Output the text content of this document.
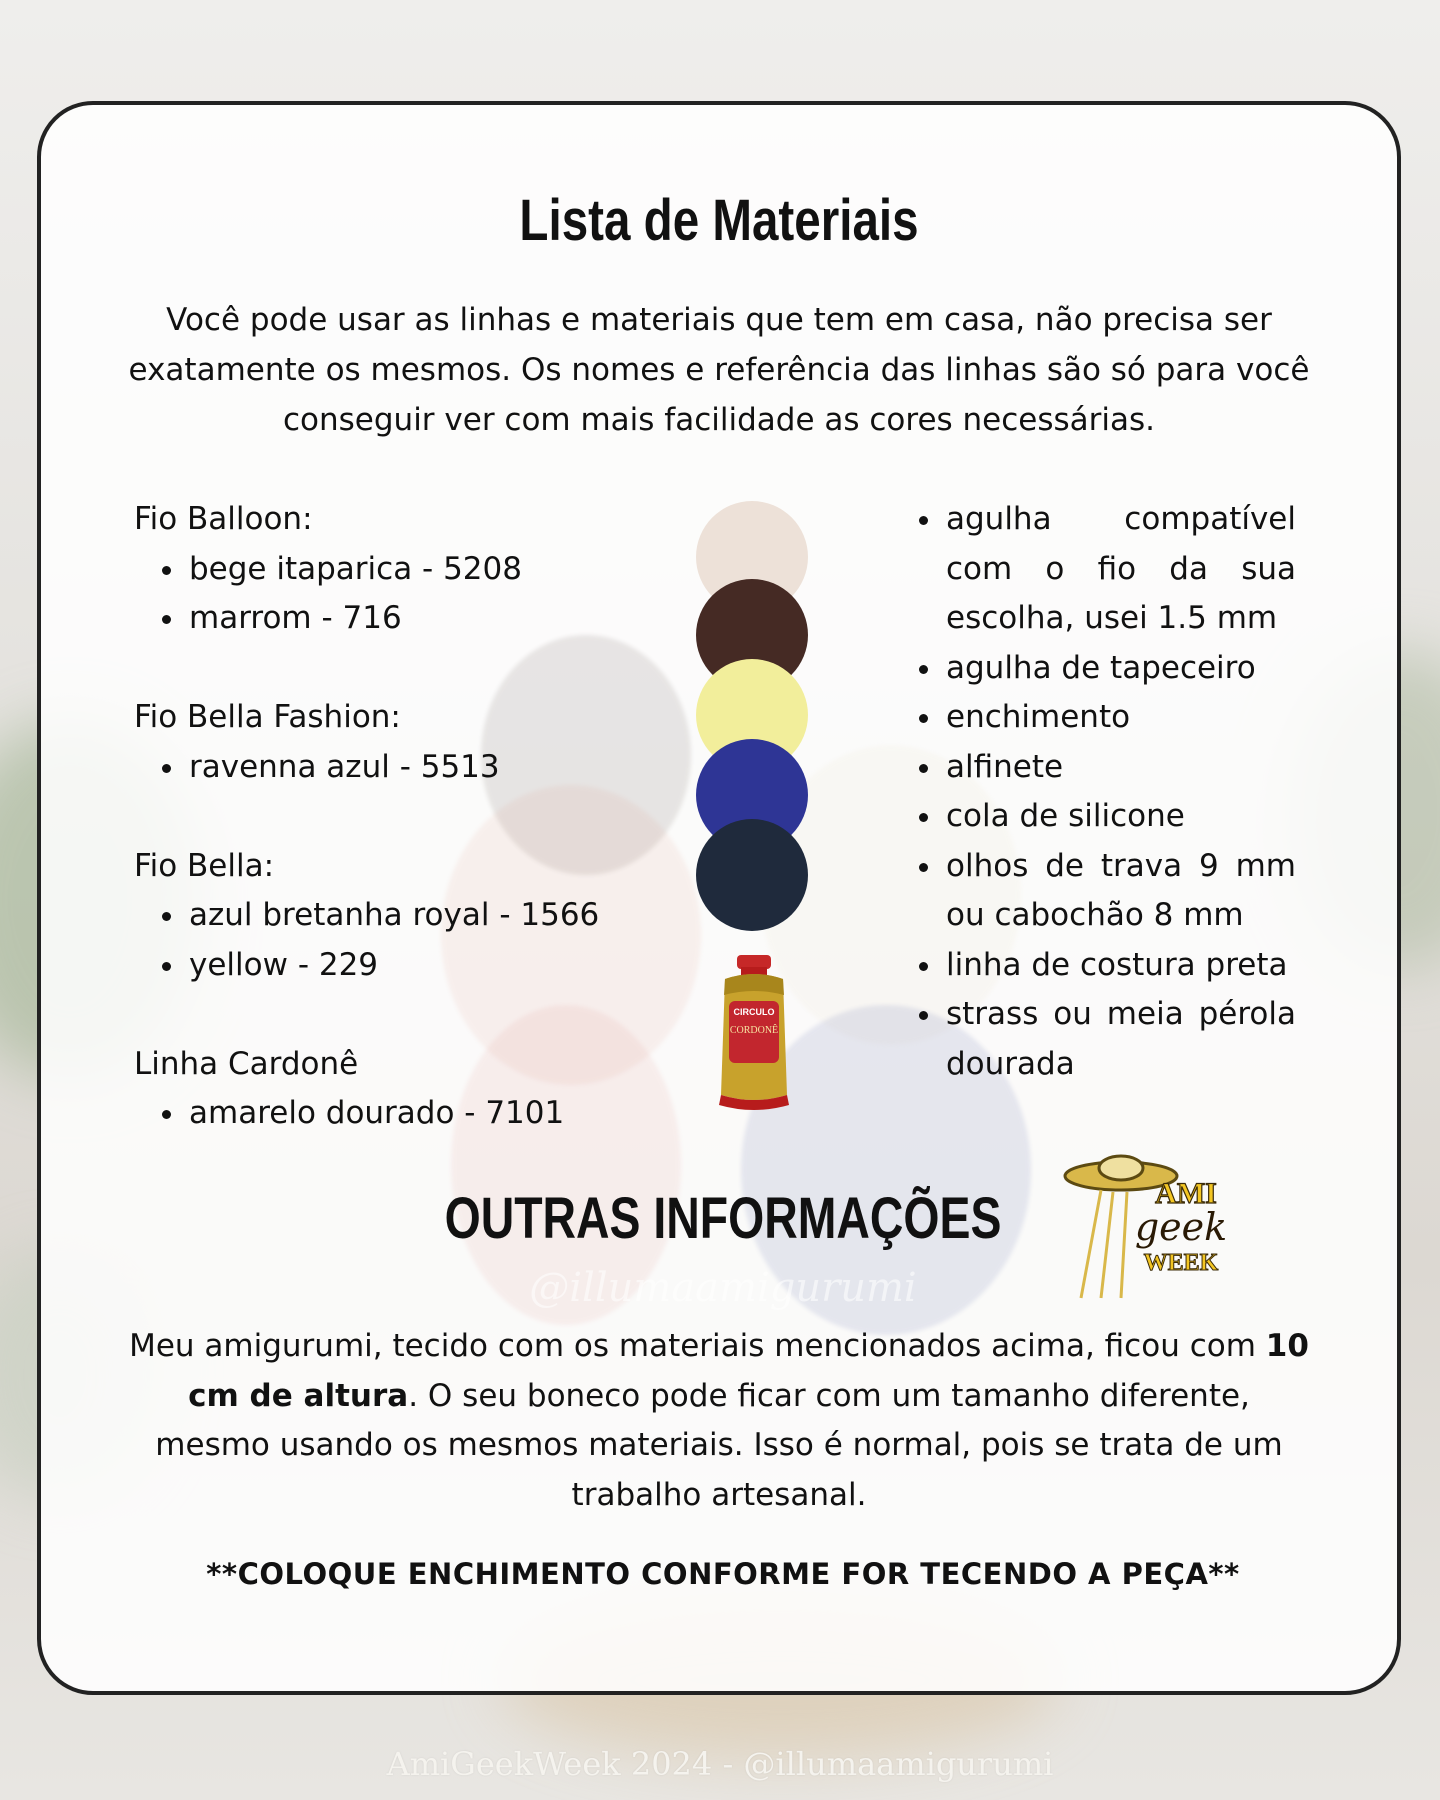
Lista de Materiais
Você pode usar as linhas e materiais que tem em casa, não precisa ser exatamente os mesmos. Os nomes e referência das linhas são só para você conseguir ver com mais facilidade as cores necessárias.

Fio Balloon:

bege itaparica - 5208
marrom - 716

Fio Bella Fashion:

ravenna azul - 5513

Fio Bella:

azul bretanha royal - 1566
yellow - 229

Linha Cardonê

amarelo dourado - 7101
CIRCULO
CORDONÊ
agulha compatível com o fio da sua escolha, usei 1.5 mm
agulha de tapeceiro
enchimento
alfinete
cola de silicone
olhos de trava 9 mm ou cabochão 8 mm
linha de costura preta
strass ou meia pérola dourada
OUTRAS INFORMAÇÕES	AMI
geek
WEEK
@illumaamigurumi
Meu amigurumi, tecido com os materiais mencionados acima, ficou com 10 cm de altura. O seu boneco pode ficar com um tamanho diferente, mesmo usando os mesmos materiais. Isso é normal, pois se trata de um trabalho artesanal.
**COLOQUE ENCHIMENTO CONFORME FOR TECENDO A PEÇA**
AmiGeekWeek 2024 - @illumaamigurumi
